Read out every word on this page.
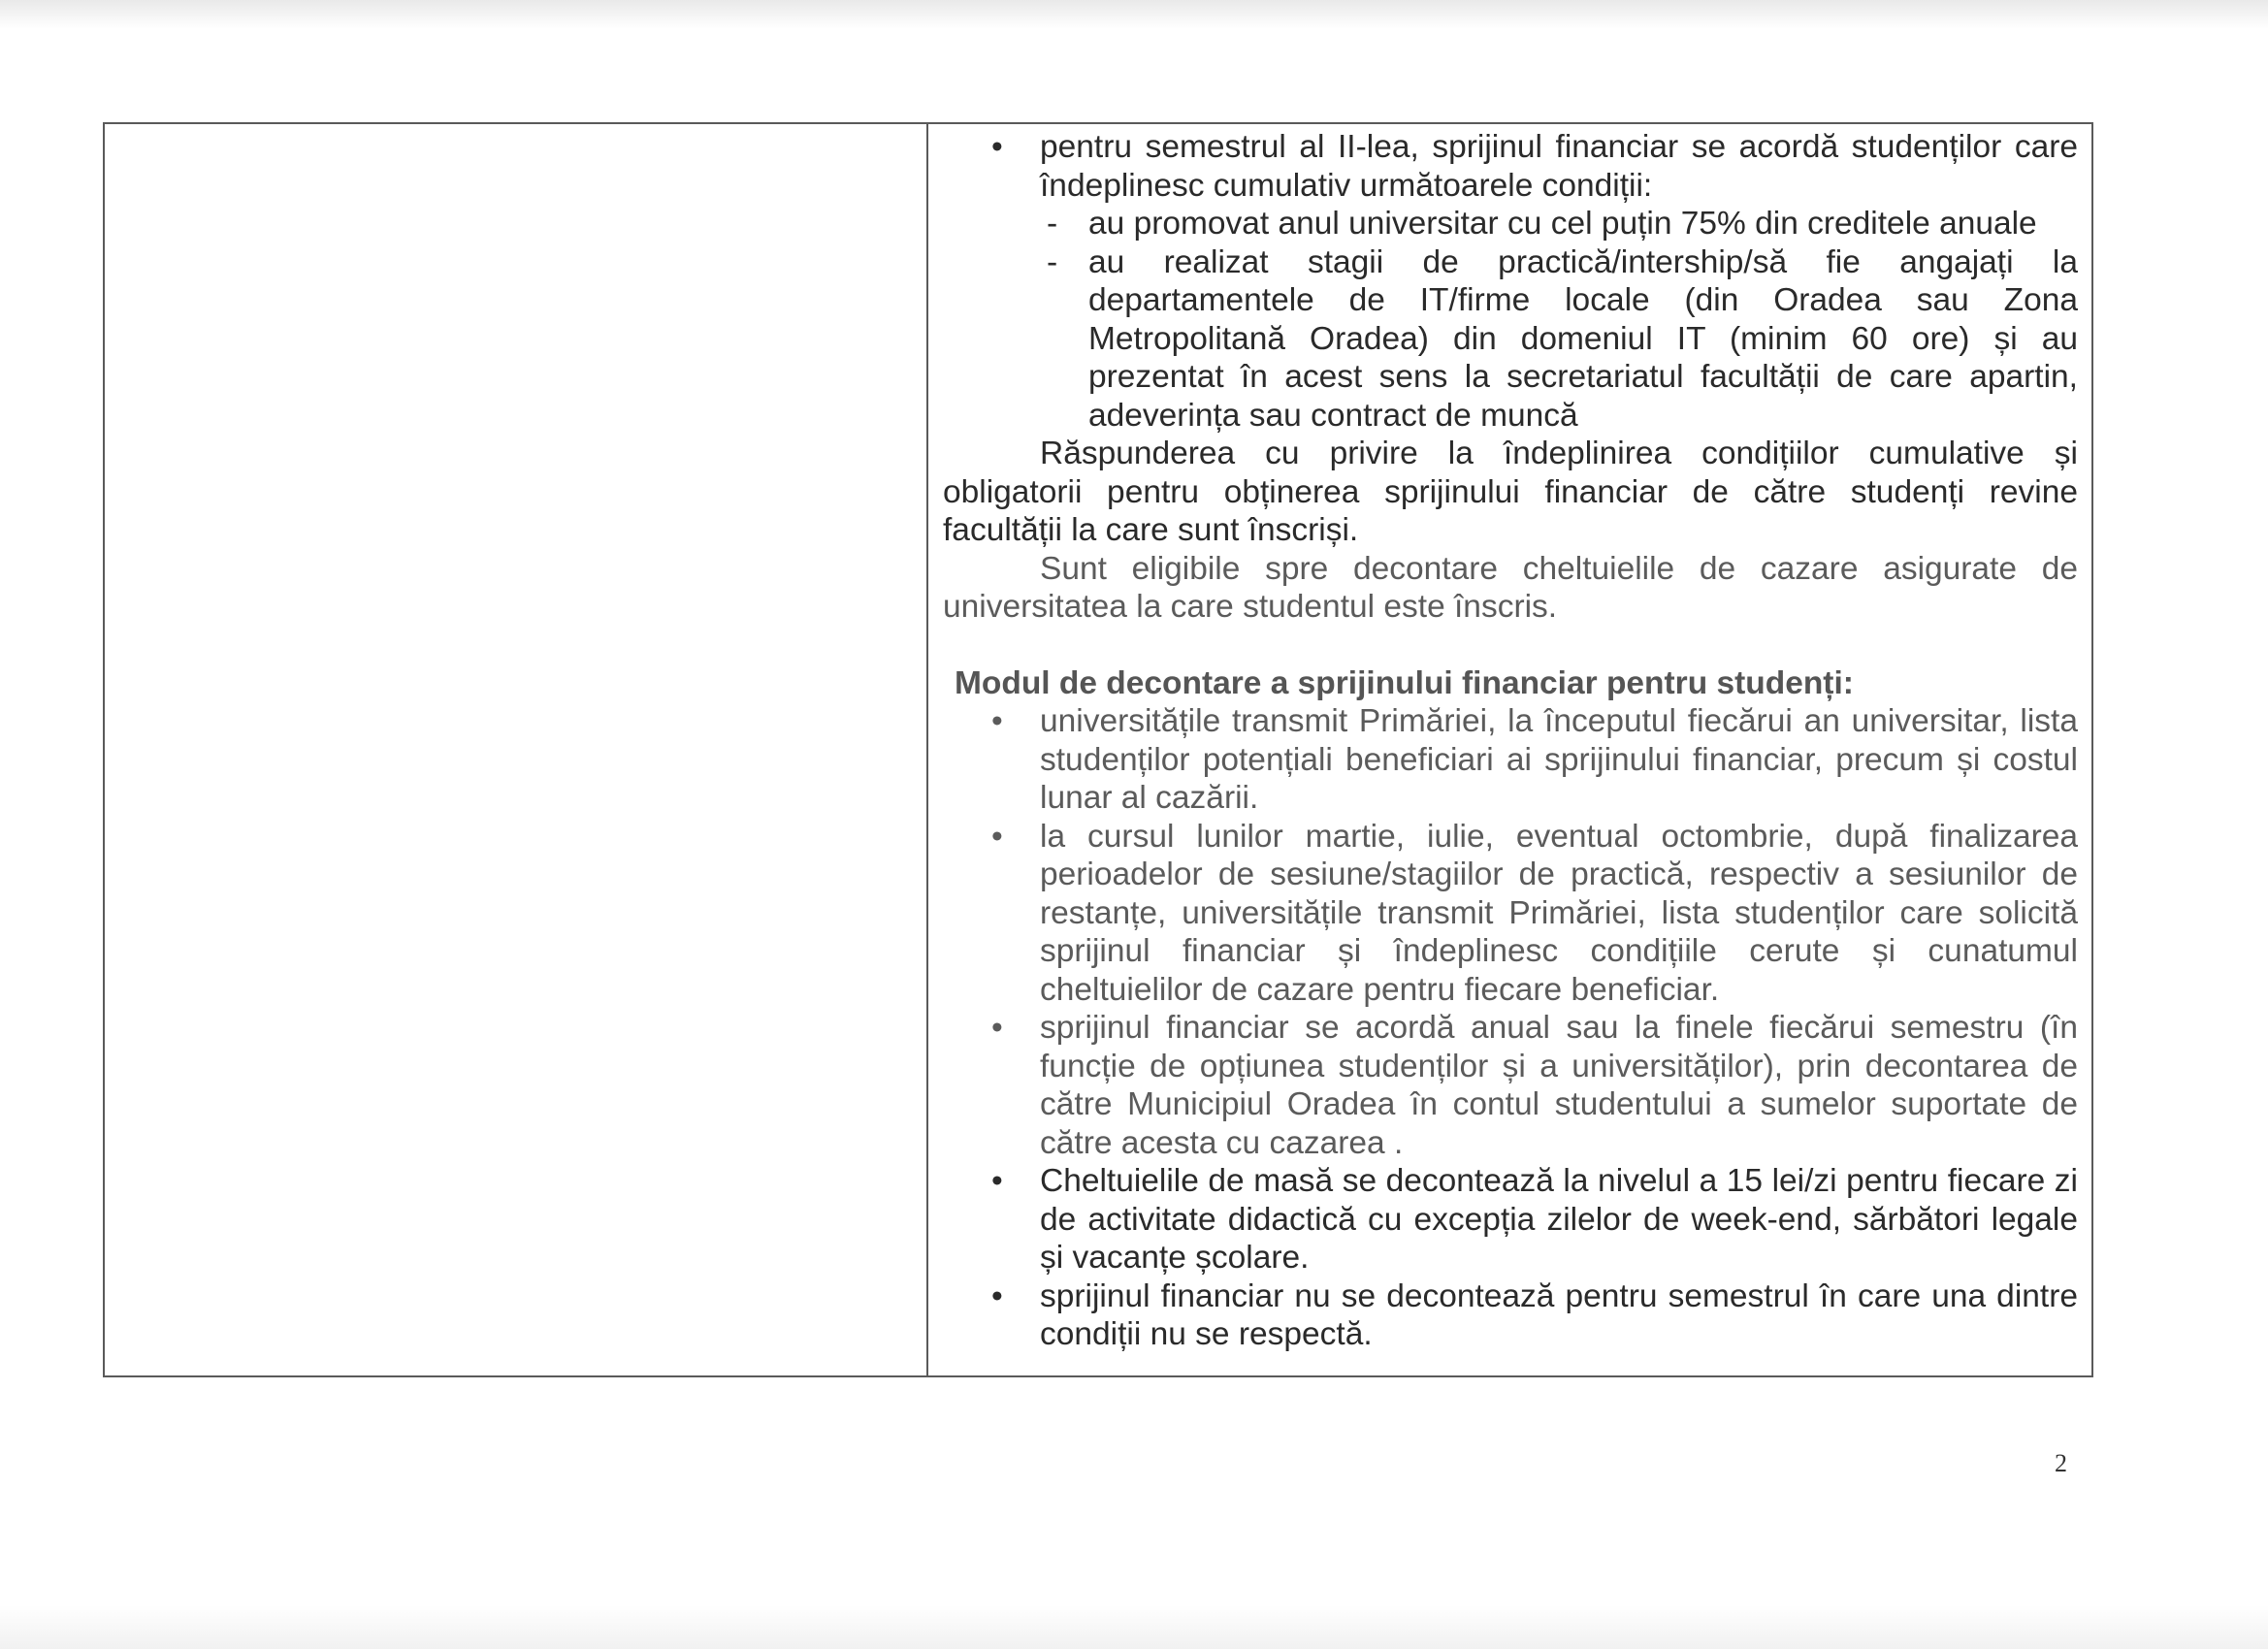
• pentru semestrul al II-lea, sprijinul financiar se acordă studenților care îndeplinesc cumulativ următoarele condiții:
- au promovat anul universitar cu cel puțin 75% din creditele anuale
- au realizat stagii de practică/intership/să fie angajați la departamentele de IT/firme locale (din Oradea sau Zona Metropolitană Oradea) din domeniul IT (minim 60 ore) și au prezentat în acest sens la secretariatul facultății de care apartin, adeverința sau contract de muncă
Răspunderea cu privire la îndeplinirea condițiilor cumulative și obligatorii pentru obținerea sprijinului financiar de către studenți revine facultății la care sunt înscriși.
Sunt eligibile spre decontare cheltuielile de cazare asigurate de universitatea la care studentul este înscris.
Modul de decontare a sprijinului financiar pentru studenți:
• universitățile transmit Primăriei, la începutul fiecărui an universitar, lista studenților potențiali beneficiari ai sprijinului financiar, precum și costul lunar al cazării.
• la cursul lunilor martie, iulie, eventual octombrie, după finalizarea perioadelor de sesiune/stagiilor de practică, respectiv a sesiunilor de restanțe, universitățile transmit Primăriei, lista studenților care solicită sprijinul financiar și îndeplinesc condițiile cerute și cunatumul cheltuielilor de cazare pentru fiecare beneficiar.
• sprijinul financiar se acordă anual sau la finele fiecărui semestru (în funcție de opțiunea studenților și a universităților), prin decontarea de către Municipiul Oradea în contul studentului a sumelor suportate de către acesta cu cazarea .
• Cheltuielile de masă se decontează la nivelul a 15 lei/zi pentru fiecare zi de activitate didactică cu excepția zilelor de week-end, sărbători legale și vacanțe școlare.
• sprijinul financiar nu se decontează pentru semestrul în care una dintre condiții nu se respectă.
2
